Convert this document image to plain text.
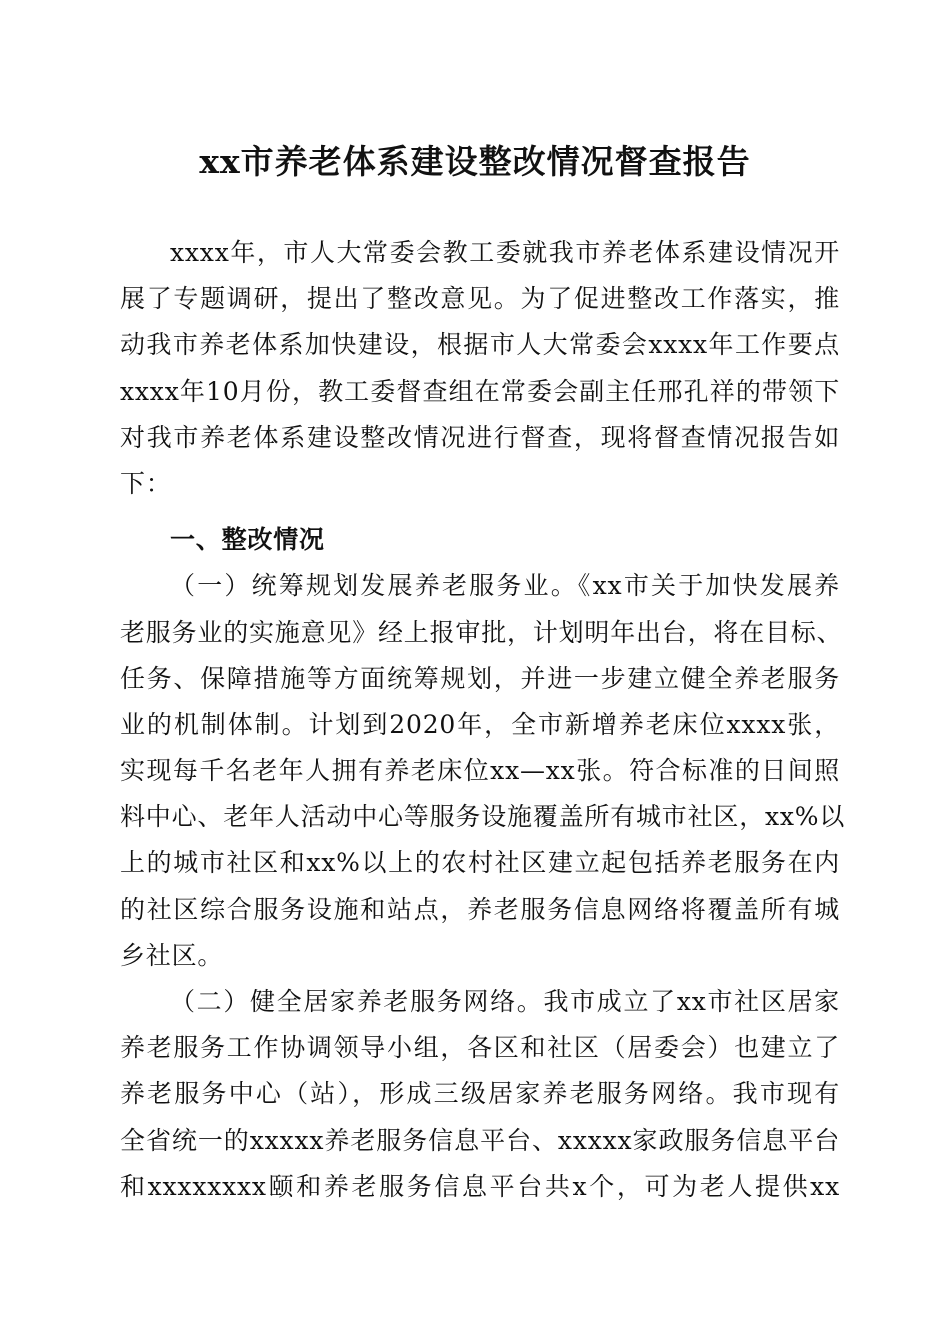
xx市养老体系建设整改情况督查报告
xxxx年，市人大常委会教工委就我市养老体系建设情况开
展了专题调研，提出了整改意见。为了促进整改工作落实，推
动我市养老体系加快建设，根据市人大常委会xxxx年工作要点
xxxx年10月份，教工委督查组在常委会副主任邢孔祥的带领下
对我市养老体系建设整改情况进行督查，现将督查情况报告如
下：
一、整改情况
（一）统筹规划发展养老服务业。《xx市关于加快发展养
老服务业的实施意见》经上报审批，计划明年出台，将在目标、
任务、保障措施等方面统筹规划，并进一步建立健全养老服务
业的机制体制。计划到2020年，全市新增养老床位xxxx张，
实现每千名老年人拥有养老床位xx—xx张。符合标准的日间照
料中心、老年人活动中心等服务设施覆盖所有城市社区，xx%以
上的城市社区和xx%以上的农村社区建立起包括养老服务在内
的社区综合服务设施和站点，养老服务信息网络将覆盖所有城
乡社区。
（二）健全居家养老服务网络。我市成立了xx市社区居家
养老服务工作协调领导小组，各区和社区（居委会）也建立了
养老服务中心（站），形成三级居家养老服务网络。我市现有
全省统一的xxxxx养老服务信息平台、xxxxx家政服务信息平台
和xxxxxxxx颐和养老服务信息平台共x个，可为老人提供xx
